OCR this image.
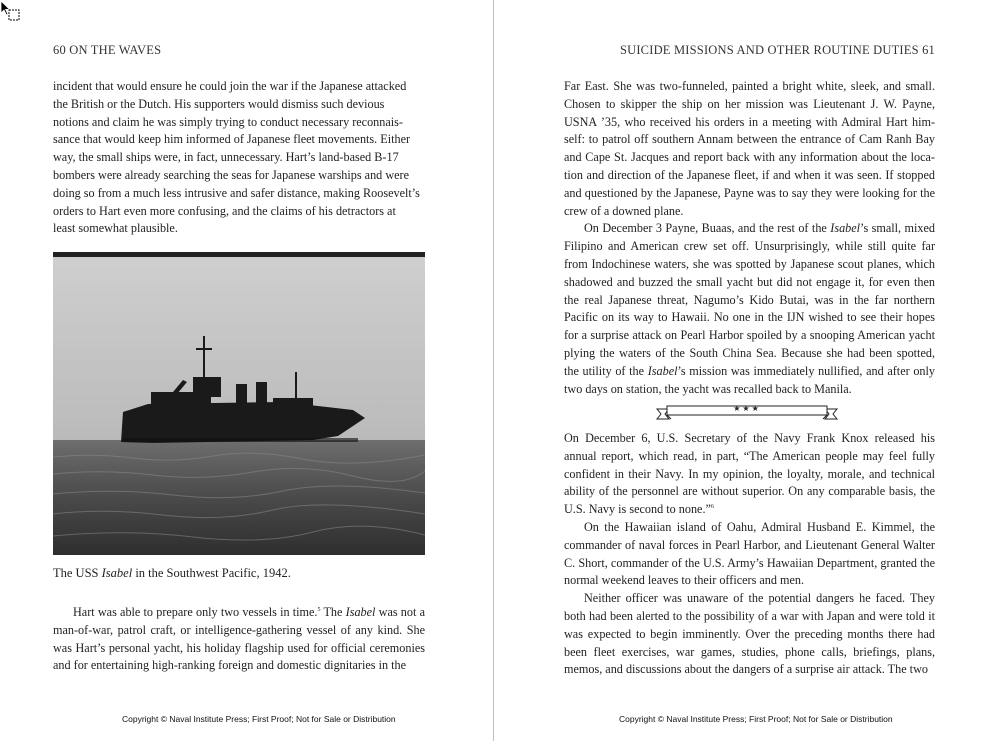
60 ON THE WAVES
incident that would ensure he could join the war if the Japanese attacked
the British or the Dutch. His supporters would dismiss such devious
notions and claim he was simply trying to conduct necessary reconnais-
sance that would keep him informed of Japanese fleet movements. Either
way, the small ships were, in fact, unnecessary. Hart’s land-based B-17
bombers were already searching the seas for Japanese warships and were
doing so from a much less intrusive and safer distance, making Roosevelt’s
orders to Hart even more confusing, and the claims of his detractors at
least somewhat plausible.
The USS Isabel in the Southwest Pacific, 1942.

Hart was able to prepare only two vessels in time.$^5$ The Isabel was not a man-of-war, patrol craft, or intelligence-gathering vessel of any kind. She was Hart’s personal yacht, his holiday flagship used for official ceremonies and for entertaining high-ranking foreign and domestic dignitaries in the

Copyright © Naval Institute Press; First Proof; Not for Sale or Distribution
SUICIDE MISSIONS AND OTHER ROUTINE DUTIES 61

Far East. She was two-funneled, painted a bright white, sleek, and small. Chosen to skipper the ship on her mission was Lieutenant J. W. Payne, USNA ’35, who received his orders in a meeting with Admiral Hart him-self: to patrol off southern Annam between the entrance of Cam Ranh Bay and Cape St. Jacques and report back with any information about the loca-tion and direction of the Japanese fleet, if and when it was seen. If stopped and questioned by the Japanese, Payne was to say they were looking for the crew of a downed plane.

On December 3 Payne, Buaas, and the rest of the Isabel’s small, mixed Filipino and American crew set off. Unsurprisingly, while still quite far from Indochinese waters, she was spotted by Japanese scout planes, which shadowed and buzzed the small yacht but did not engage it, for even then the real Japanese threat, Nagumo’s Kido Butai, was in the far northern Pacific on its way to Hawaii. No one in the IJN wished to see their hopes for a surprise attack on Pearl Harbor spoiled by a snooping American yacht plying the waters of the South China Sea. Because she had been spotted, the utility of the Isabel’s mission was immediately nullified, and after only two days on station, the yacht was recalled back to Manila.

★★★

On December 6, U.S. Secretary of the Navy Frank Knox released his annual report, which read, in part, “The American people may feel fully confident in their Navy. In my opinion, the loyalty, morale, and technical ability of the personnel are without superior. On any comparable basis, the U.S. Navy is second to none.”$^6$

On the Hawaiian island of Oahu, Admiral Husband E. Kimmel, the commander of naval forces in Pearl Harbor, and Lieutenant General Walter C. Short, commander of the U.S. Army’s Hawaiian Department, granted the normal weekend leaves to their officers and men.

Neither officer was unaware of the potential dangers he faced. They both had been alerted to the possibility of a war with Japan and were told it was expected to begin imminently. Over the preceding months there had been fleet exercises, war games, studies, phone calls, briefings, plans, memos, and discussions about the dangers of a surprise air attack. The two

Copyright © Naval Institute Press; First Proof; Not for Sale or Distribution
